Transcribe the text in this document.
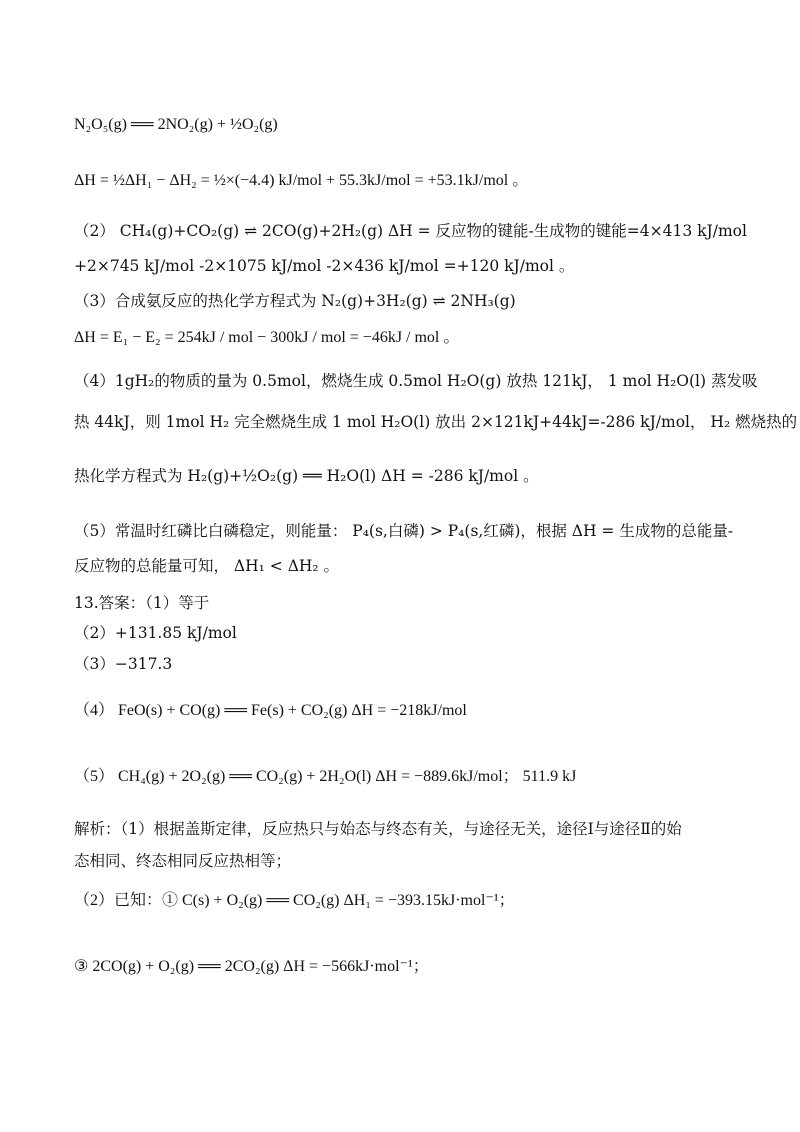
N₂O₅(g) ══ 2NO₂(g) + ½O₂(g)
ΔH = ½ΔH₁ − ΔH₂ = ½×(−4.4) kJ/mol + 55.3kJ/mol = +53.1kJ/mol 。
（2） CH₄(g)+CO₂(g) ⇌ 2CO(g)+2H₂(g) ΔH = 反应物的键能-生成物的键能=4×413 kJ/mol
+2×745 kJ/mol -2×1075 kJ/mol -2×436 kJ/mol =+120 kJ/mol 。
（3）合成氨反应的热化学方程式为 N₂(g)+3H₂(g) ⇌ 2NH₃(g)
ΔH = E₁ − E₂ = 254kJ / mol − 300kJ / mol = −46kJ / mol 。
（4）1gH₂的物质的量为 0.5mol，燃烧生成 0.5mol H₂O(g) 放热 121kJ， 1 mol H₂O(l) 蒸发吸
热 44kJ，则 1mol H₂ 完全燃烧生成 1 mol H₂O(l) 放出 2×121kJ+44kJ=-286 kJ/mol， H₂ 燃烧热的
热化学方程式为 H₂(g)+½O₂(g) ══ H₂O(l) ΔH = -286 kJ/mol 。
（5）常温时红磷比白磷稳定，则能量： P₄(s,白磷) > P₄(s,红磷)，根据 ΔH = 生成物的总能量-
反应物的总能量可知， ΔH₁ < ΔH₂ 。
13.答案：（1）等于
（2）+131.85 kJ/mol
（3）−317.3
（4） FeO(s) + CO(g) ══ Fe(s) + CO₂(g) ΔH = −218kJ/mol
（5） CH₄(g) + 2O₂(g) ══ CO₂(g) + 2H₂O(l) ΔH = −889.6kJ/mol； 511.9 kJ
解析：（1）根据盖斯定律，反应热只与始态与终态有关，与途径无关，途径Ⅰ与途径Ⅱ的始
态相同、终态相同反应热相等；
（2）已知：① C(s) + O₂(g) ══ CO₂(g) ΔH₁ = −393.15kJ·mol⁻¹；
③ 2CO(g) + O₂(g) ══ 2CO₂(g) ΔH = −566kJ·mol⁻¹；
